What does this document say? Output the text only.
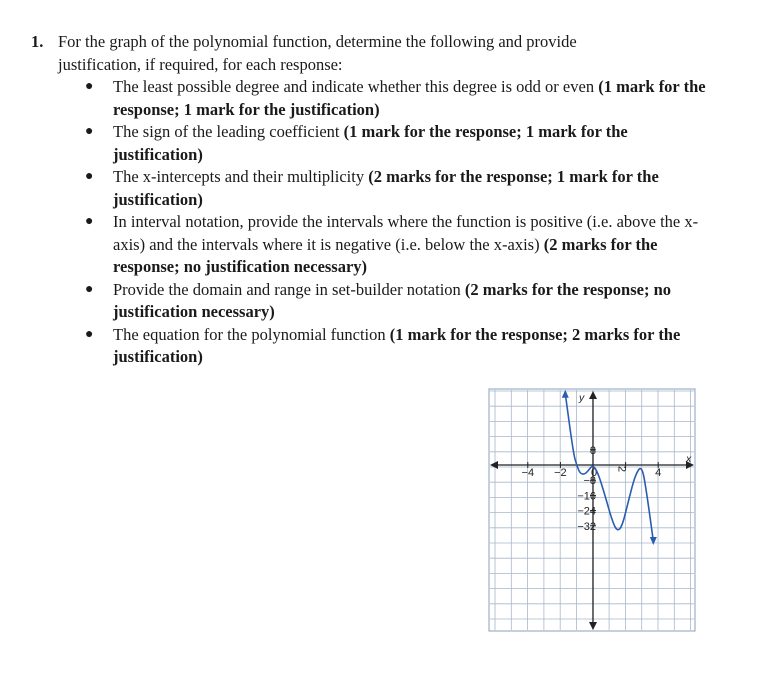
1. For the graph of the polynomial function, determine the following and provide justification, if required, for each response:
● The least possible degree and indicate whether this degree is odd or even (1 mark for the response; 1 mark for the justification)
● The sign of the leading coefficient (1 mark for the response; 1 mark for the justification)
● The x-intercepts and their multiplicity (2 marks for the response; 1 mark for the justification)
● In interval notation, provide the intervals where the function is positive (i.e. above the x-axis) and the intervals where it is negative (i.e. below the x-axis) (2 marks for the response; no justification necessary)
● Provide the domain and range in set-builder notation (2 marks for the response; no justification necessary)
● The equation for the polynomial function (1 mark for the response; 2 marks for the justification)
−4 −2 0 2	4
8
−8
−16
−24
−32
x
y
